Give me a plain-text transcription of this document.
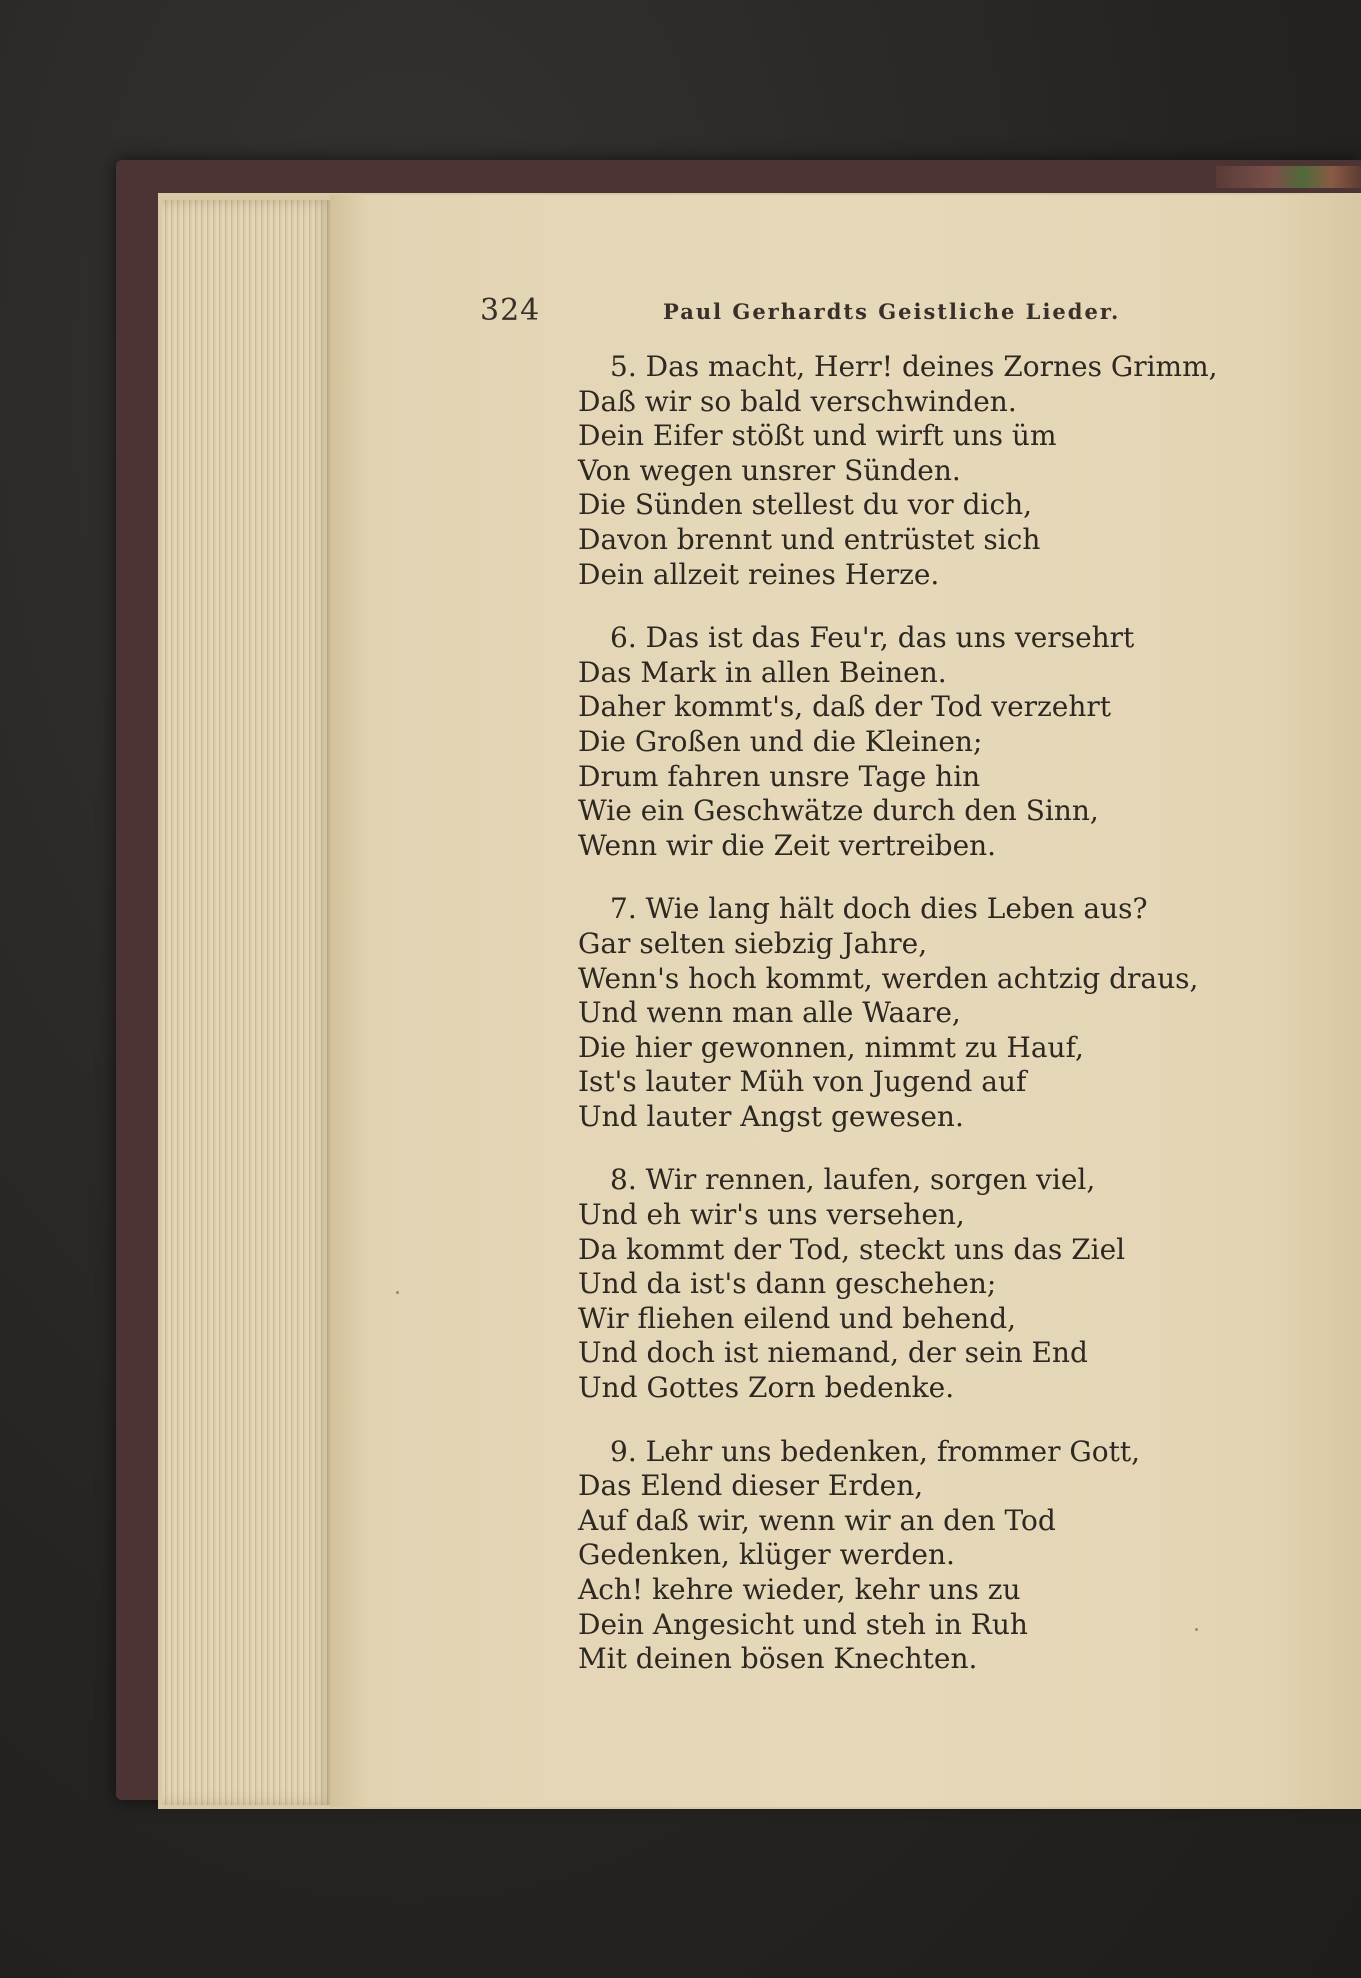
324	Paul Gerhardts Geistliche Lieder.
5. Das macht, Herr! deines Zornes Grimm,
Daß wir so bald verschwinden.
Dein Eifer stößt und wirft uns üm
Von wegen unsrer Sünden.
Die Sünden stellest du vor dich,
Davon brennt und entrüstet sich
Dein allzeit reines Herze.
6. Das ist das Feu'r, das uns versehrt
Das Mark in allen Beinen.
Daher kommt's, daß der Tod verzehrt
Die Großen und die Kleinen;
Drum fahren unsre Tage hin
Wie ein Geschwätze durch den Sinn,
Wenn wir die Zeit vertreiben.
7. Wie lang hält doch dies Leben aus?
Gar selten siebzig Jahre,
Wenn's hoch kommt, werden achtzig draus,
Und wenn man alle Waare,
Die hier gewonnen, nimmt zu Hauf,
Ist's lauter Müh von Jugend auf
Und lauter Angst gewesen.
8. Wir rennen, laufen, sorgen viel,
Und eh wir's uns versehen,
Da kommt der Tod, steckt uns das Ziel
Und da ist's dann geschehen;
Wir fliehen eilend und behend,
Und doch ist niemand, der sein End
Und Gottes Zorn bedenke.
9. Lehr uns bedenken, frommer Gott,
Das Elend dieser Erden,
Auf daß wir, wenn wir an den Tod
Gedenken, klüger werden.
Ach! kehre wieder, kehr uns zu
Dein Angesicht und steh in Ruh
Mit deinen bösen Knechten.
